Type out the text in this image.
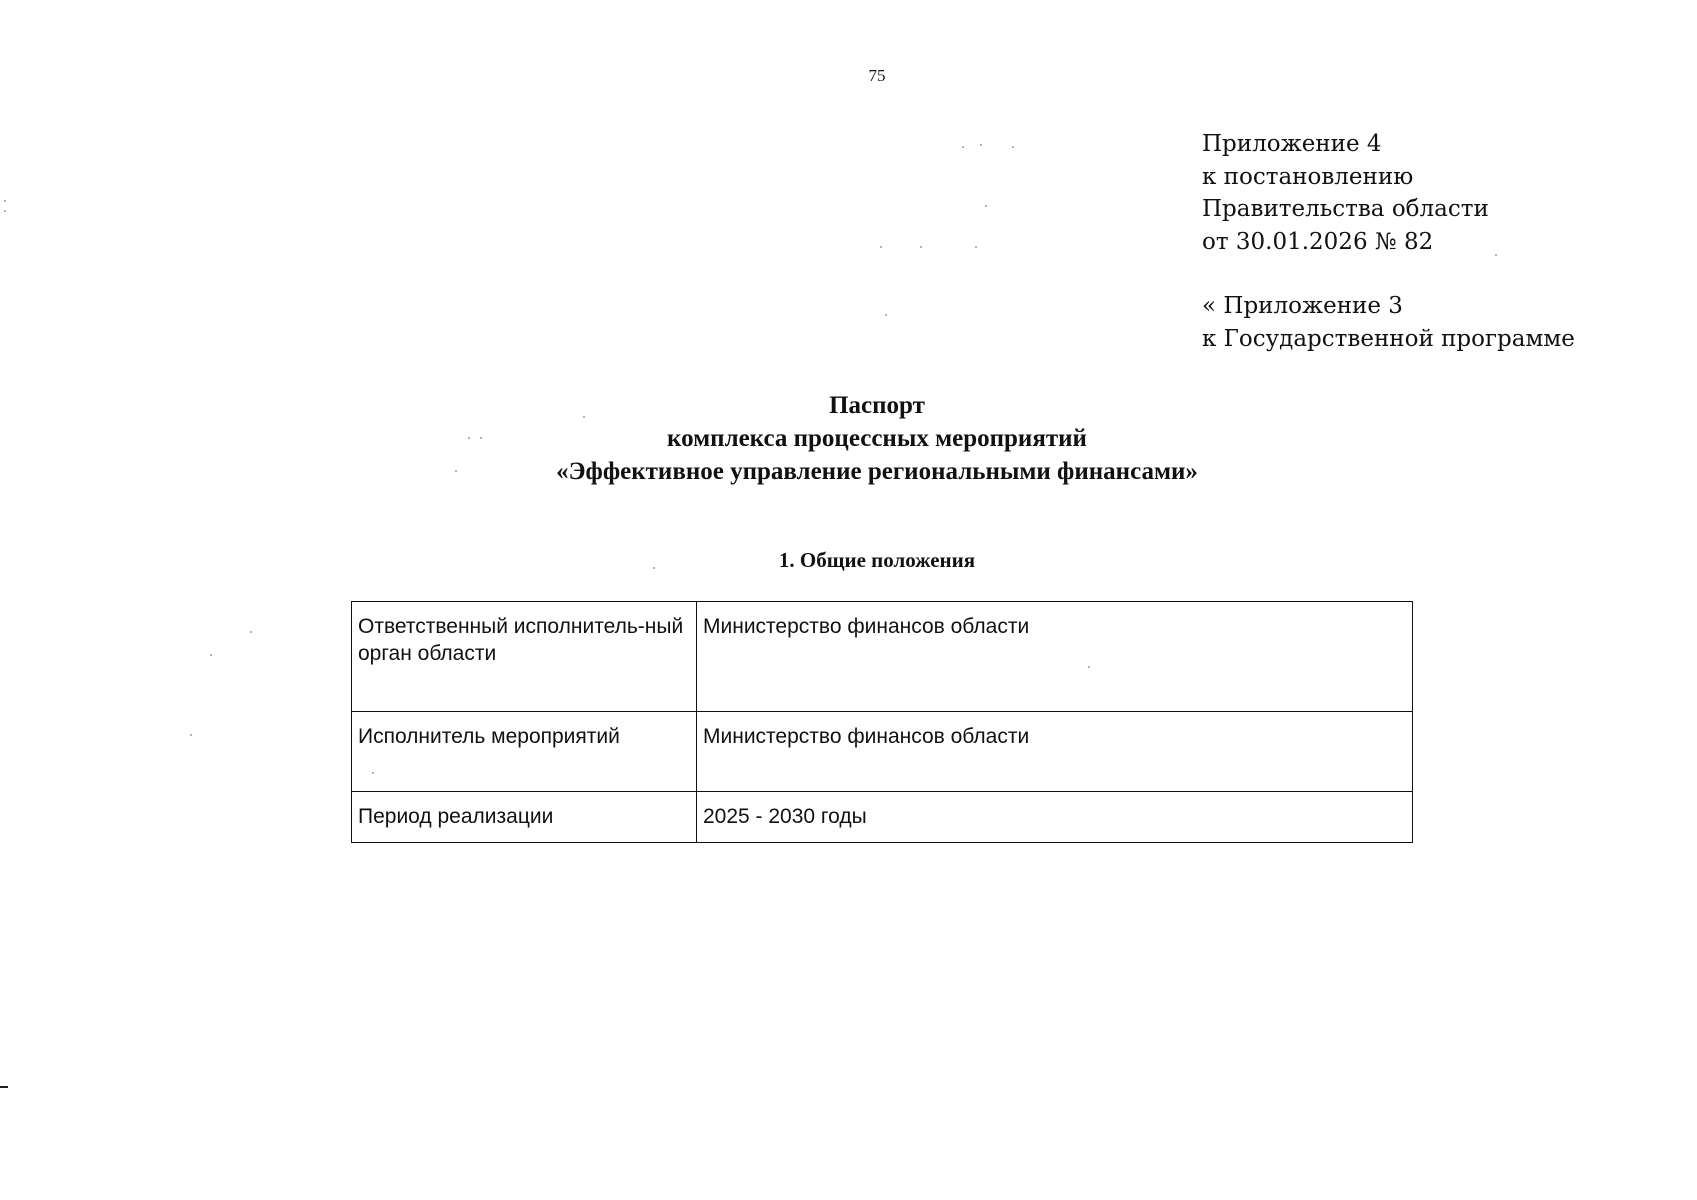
75
Приложение 4
к постановлению
Правительства области
от 30.01.2026 № 82
« Приложение 3
к Государственной программе
Паспорт
комплекса процессных мероприятий
«Эффективное управление региональными финансами»
1. Общие положения
Ответственный исполнитель-ный орган области	Министерство финансов области
Исполнитель мероприятий	Министерство финансов области
Период реализации	2025 - 2030 годы
